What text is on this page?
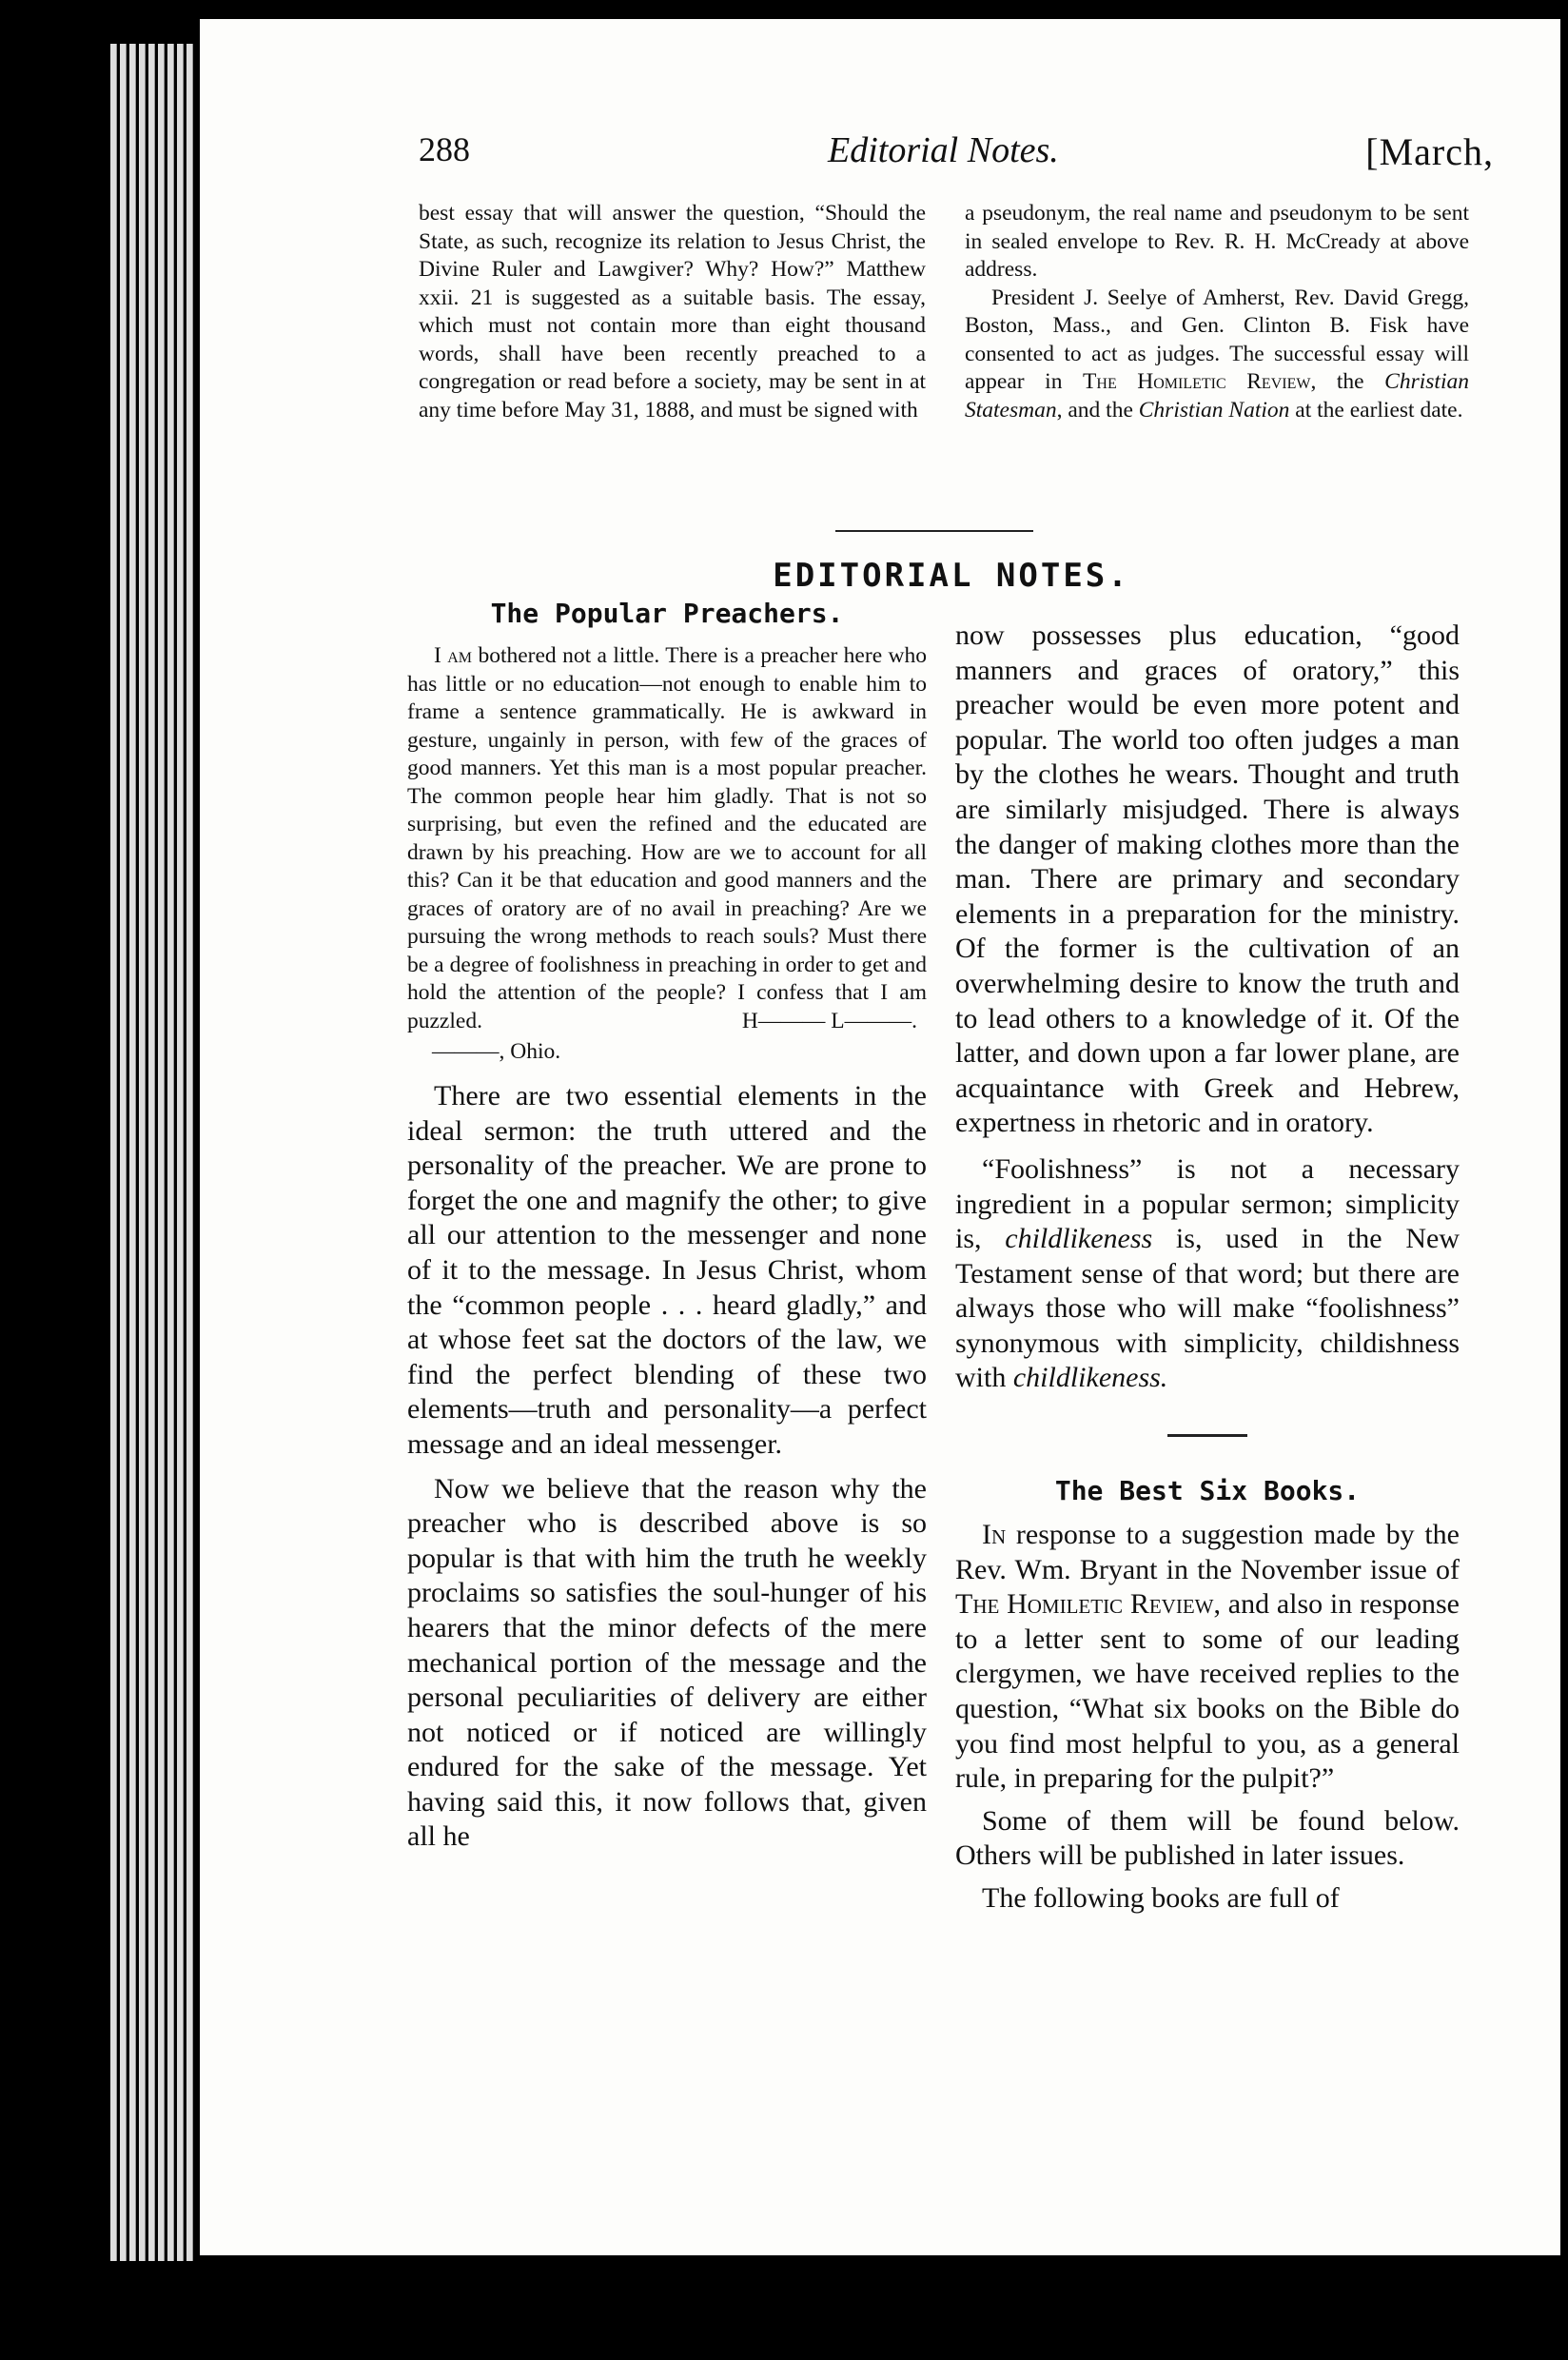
288	Editorial Notes.	[March,

best essay that will answer the question, “Should the State, as such, recognize its relation to Jesus Christ, the Divine Ruler and Lawgiver? Why? How?” Matthew xxii. 21 is suggested as a suitable basis. The essay, which must not contain more than eight thousand words, shall have been recently preached to a congregation or read before a society, may be sent in at any time before May 31, 1888, and must be signed with

a pseudonym, the real name and pseudonym to be sent in sealed envelope to Rev. R. H. McCready at above address.

President J. Seelye of Amherst, Rev. David Gregg, Boston, Mass., and Gen. Clinton B. Fisk have consented to act as judges. The successful essay will appear in The Homiletic Review, the Christian Statesman, and the Christian Nation at the earliest date.

EDITORIAL NOTES.
The Popular Preachers.

I am bothered not a little. There is a preacher here who has little or no education—not enough to enable him to frame a sentence grammatically. He is awkward in gesture, ungainly in person, with few of the graces of good manners. Yet this man is a most popular preacher. The common people hear him gladly. That is not so surprising, but even the refined and the educated are drawn by his preaching. How are we to account for all this? Can it be that education and good manners and the graces of oratory are of no avail in preaching? Are we pursuing the wrong methods to reach souls? Must there be a degree of foolishness in preaching in order to get and hold the attention of the people? I confess that I am puzzled.	H——— L———.
———, Ohio.

There are two essential elements in the ideal sermon: the truth uttered and the personality of the preacher. We are prone to forget the one and magnify the other; to give all our attention to the messenger and none of it to the message. In Jesus Christ, whom the “common people . . . heard gladly,” and at whose feet sat the doctors of the law, we find the perfect blending of these two elements—truth and personality—a perfect message and an ideal messenger.

Now we believe that the reason why the preacher who is described above is so popular is that with him the truth he weekly proclaims so satisfies the soul-hunger of his hearers that the minor defects of the mere mechanical portion of the message and the personal peculiarities of delivery are either not noticed or if noticed are willingly endured for the sake of the message. Yet having said this, it now follows that, given all he

now possesses plus education, “good manners and graces of oratory,” this preacher would be even more potent and popular. The world too often judges a man by the clothes he wears. Thought and truth are similarly misjudged. There is always the danger of making clothes more than the man. There are primary and secondary elements in a preparation for the ministry. Of the former is the cultivation of an overwhelming desire to know the truth and to lead others to a knowledge of it. Of the latter, and down upon a far lower plane, are acquaintance with Greek and Hebrew, expertness in rhetoric and in oratory.

“Foolishness” is not a necessary ingredient in a popular sermon; simplicity is, childlikeness is, used in the New Testament sense of that word; but there are always those who will make “foolishness” synonymous with simplicity, childishness with childlikeness.

The Best Six Books.

In response to a suggestion made by the Rev. Wm. Bryant in the November issue of The Homiletic Review, and also in response to a letter sent to some of our leading clergymen, we have received replies to the question, “What six books on the Bible do you find most helpful to you, as a general rule, in preparing for the pulpit?”

Some of them will be found below. Others will be published in later issues.

The following books are full of
